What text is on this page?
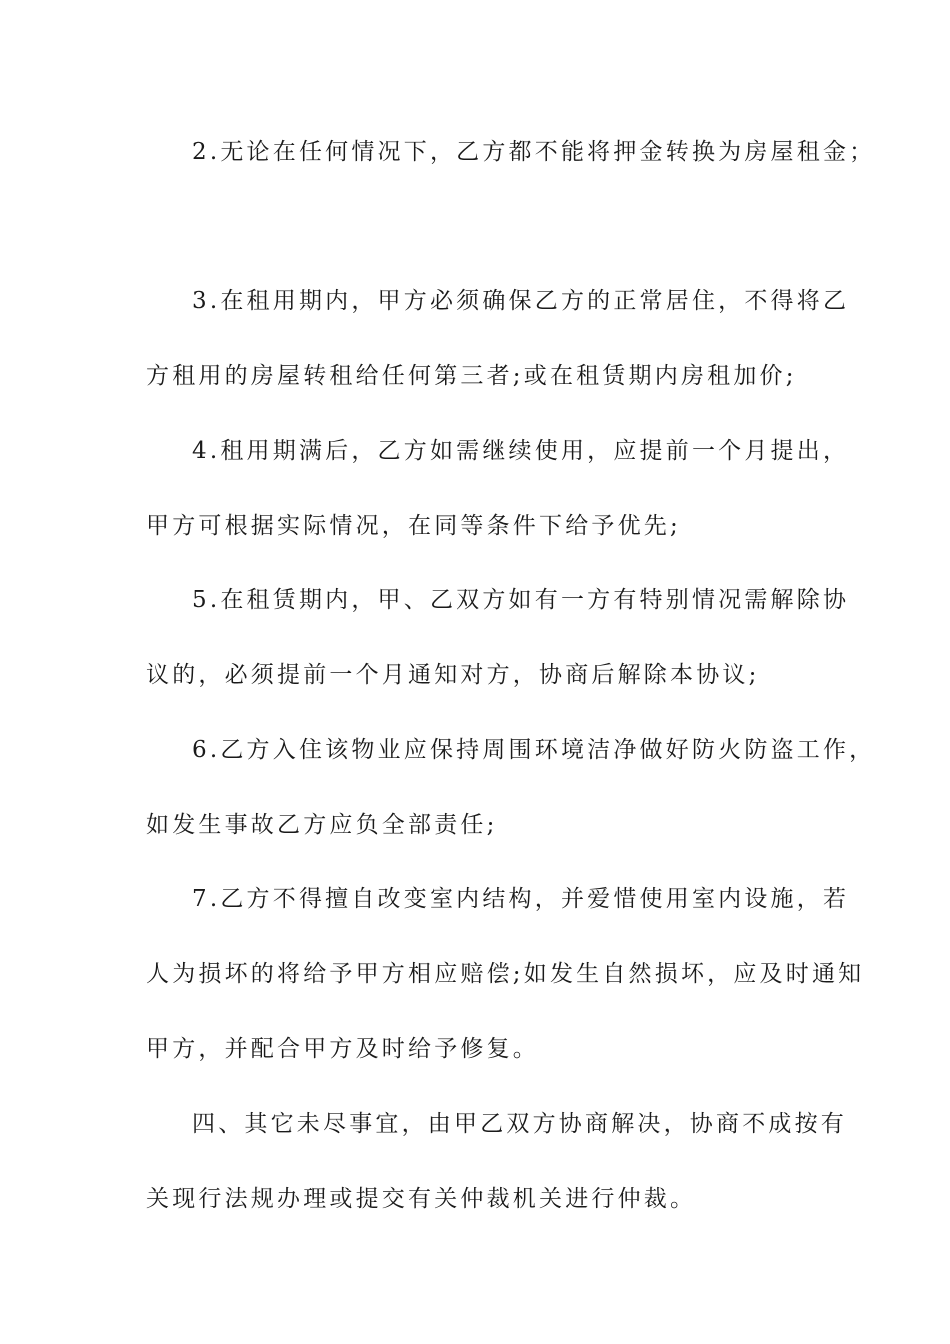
2.无论在任何情况下，乙方都不能将押金转换为房屋租金；
3.在租用期内，甲方必须确保乙方的正常居住，不得将乙
方租用的房屋转租给任何第三者;或在租赁期内房租加价;
4.租用期满后，乙方如需继续使用，应提前一个月提出，
甲方可根据实际情况，在同等条件下给予优先;
5.在租赁期内，甲、乙双方如有一方有特别情况需解除协
议的，必须提前一个月通知对方，协商后解除本协议;
6.乙方入住该物业应保持周围环境洁净做好防火防盗工作，
如发生事故乙方应负全部责任;
7.乙方不得擅自改变室内结构，并爱惜使用室内设施，若
人为损坏的将给予甲方相应赔偿;如发生自然损坏，应及时通知
甲方，并配合甲方及时给予修复。
四、其它未尽事宜，由甲乙双方协商解决，协商不成按有
关现行法规办理或提交有关仲裁机关进行仲裁。
